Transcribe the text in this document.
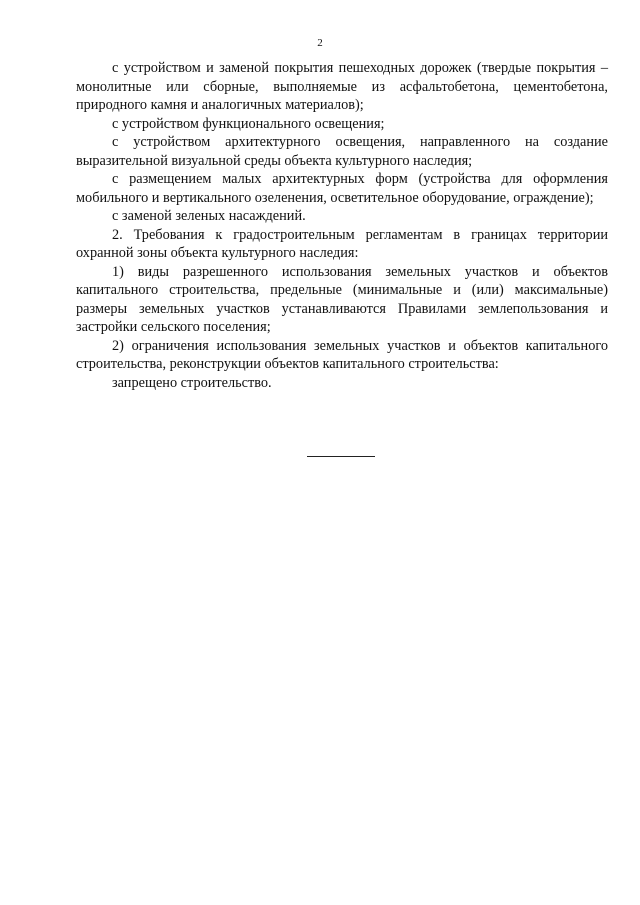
2

с устройством и заменой покрытия пешеходных дорожек (твердые покрытия – монолитные или сборные, выполняемые из асфальтобетона, цементобетона, природного камня и аналогичных материалов);

с устройством функционального освещения;

с устройством архитектурного освещения, направленного на создание выразительной визуальной среды объекта культурного наследия;

с размещением малых архитектурных форм (устройства для оформления мобильного и вертикального озеленения, осветительное оборудование, ограждение);

с заменой зеленых насаждений.

2. Требования к градостроительным регламентам в границах территории охранной зоны объекта культурного наследия:

1) виды разрешенного использования земельных участков и объектов капитального строительства, предельные (минимальные и (или) максимальные) размеры земельных участков устанавливаются Правилами землепользования и застройки сельского поселения;

2) ограничения использования земельных участков и объектов капитального строительства, реконструкции объектов капитального строительства:

запрещено строительство.
